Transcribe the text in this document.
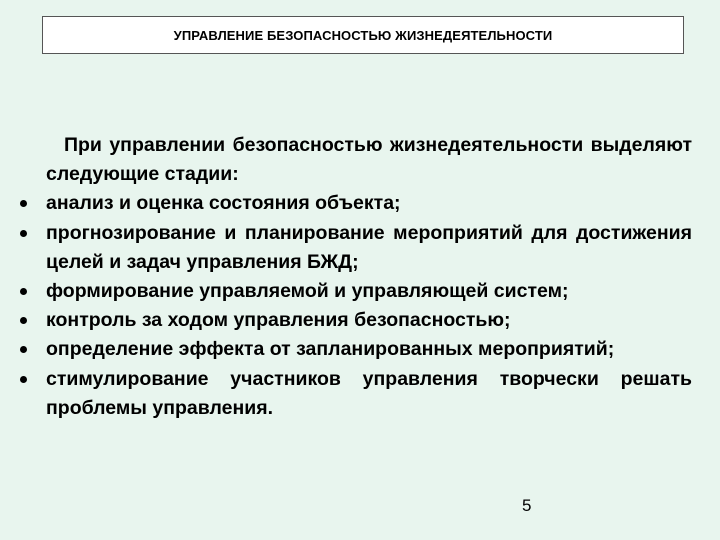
УПРАВЛЕНИЕ БЕЗОПАСНОСТЬЮ ЖИЗНЕДЕЯТЕЛЬНОСТИ

При управлении безопасностью жизнедеятельности выделяют следующие стадии:

анализ и оценка состояния объекта;
прогнозирование и планирование мероприятий для достижения целей и задач управления БЖД;
формирование управляемой и управляющей систем;
контроль за ходом управления безопасностью;
определение эффекта от запланированных мероприятий;
стимулирование участников управления творчески решать проблемы управления.
5
